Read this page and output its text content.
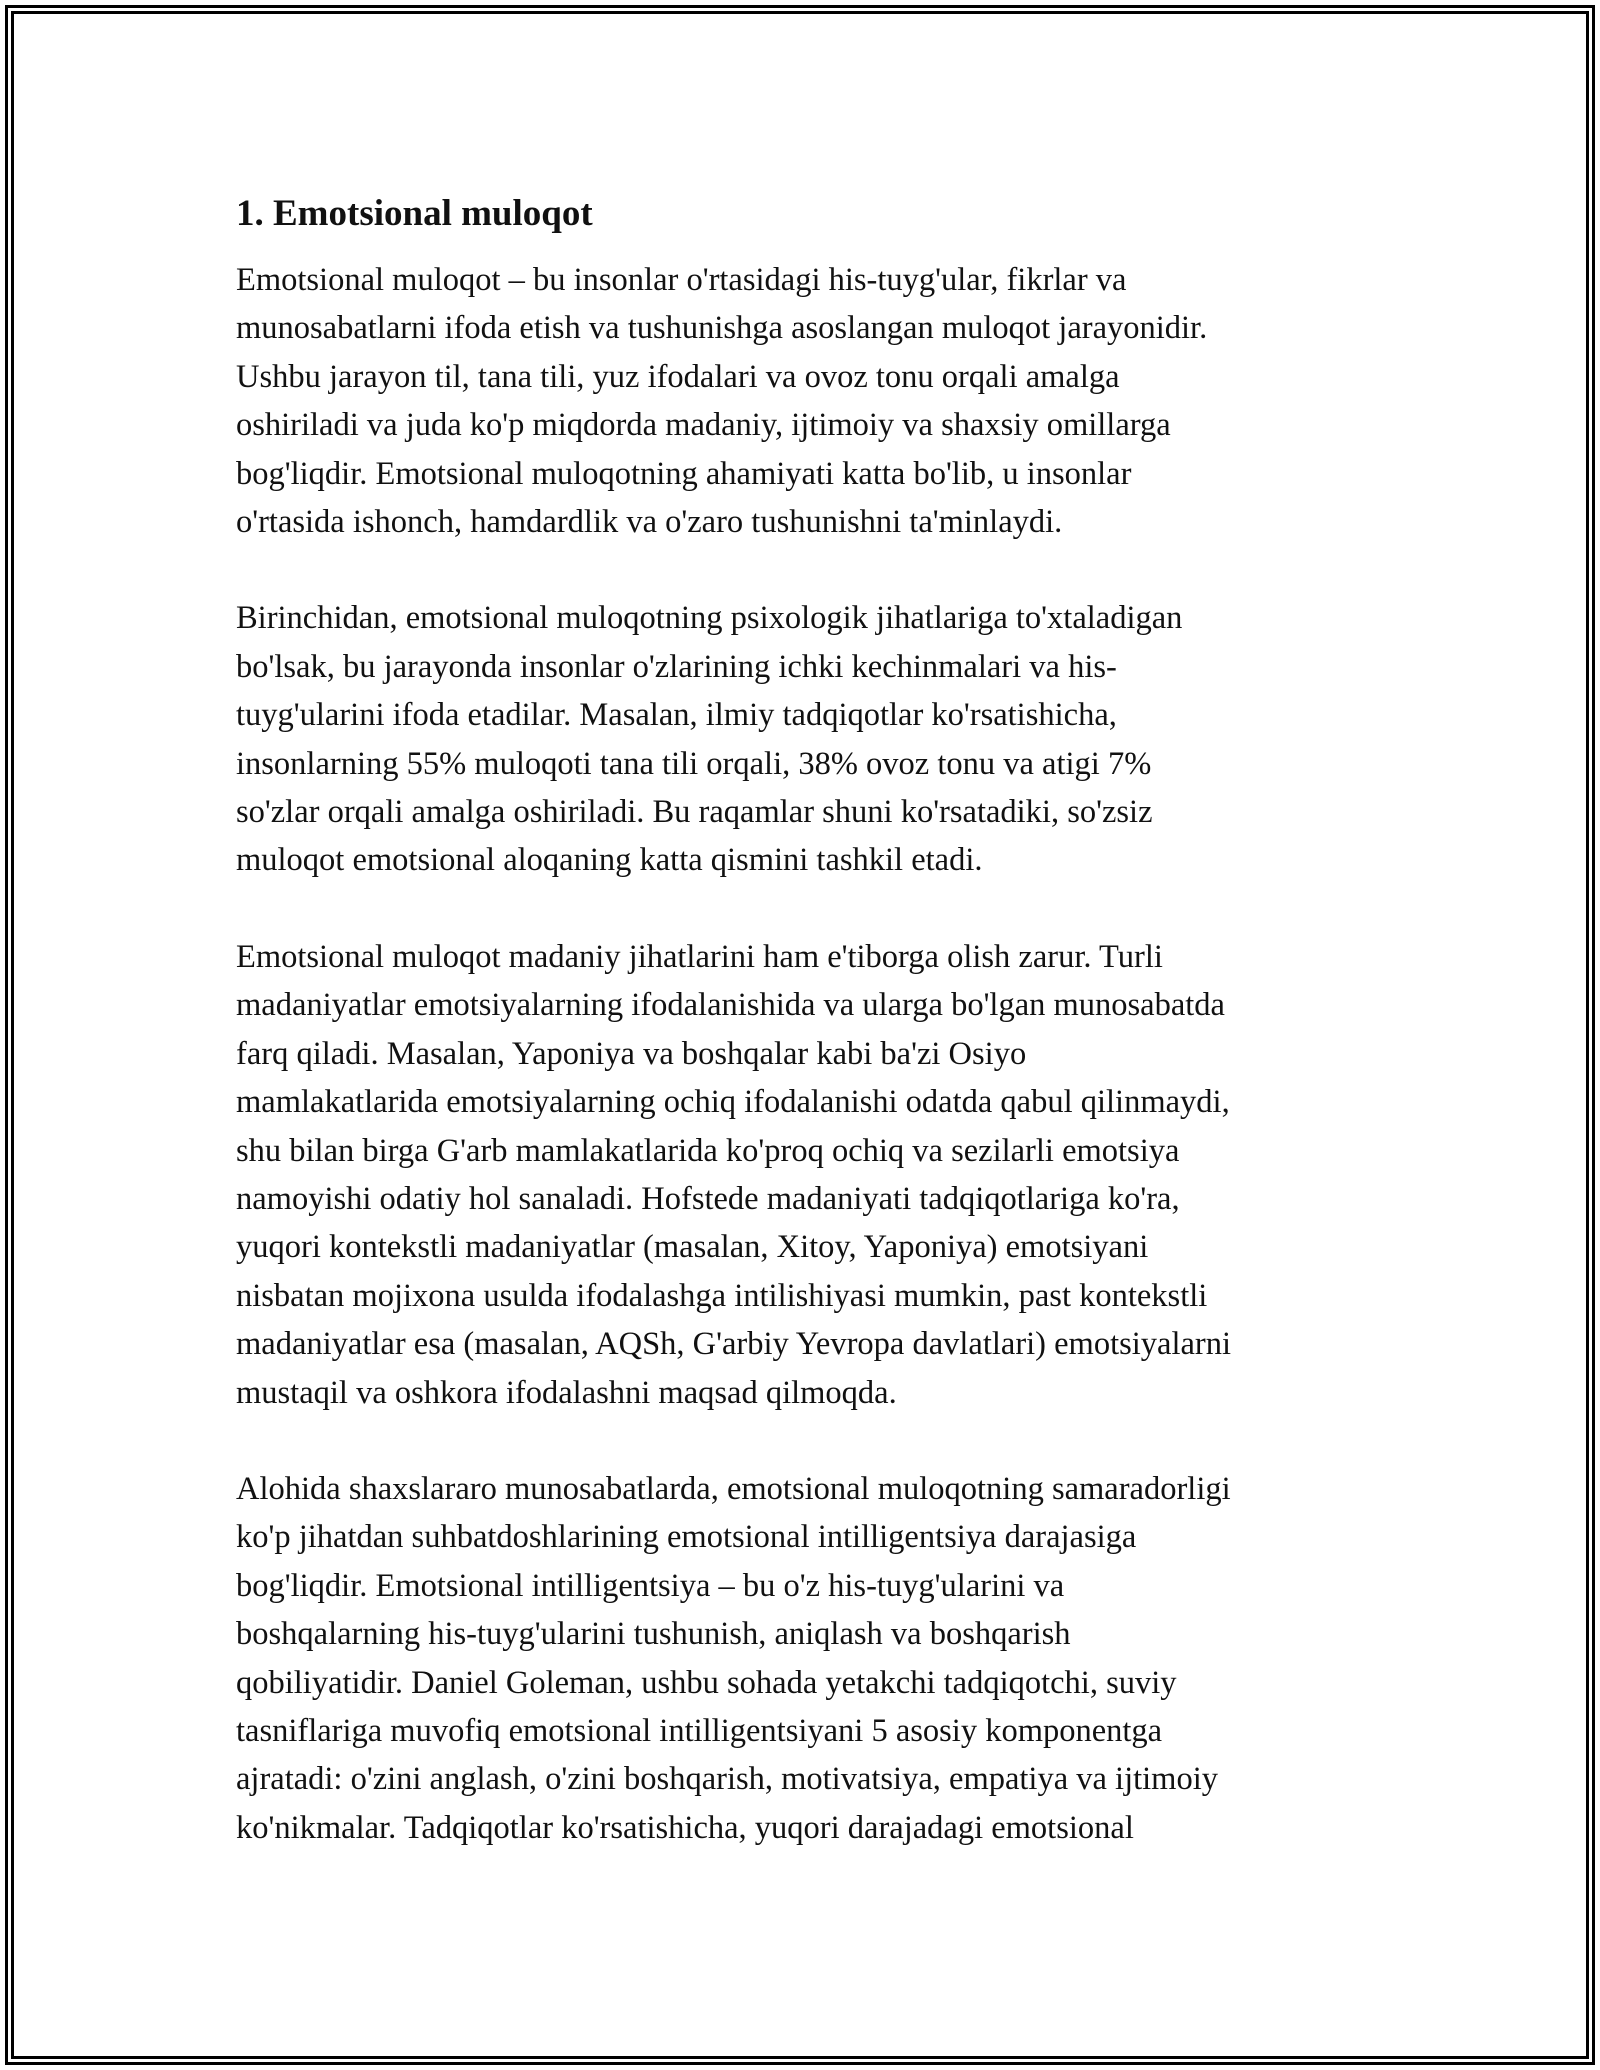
1. Emotsional muloqot

Emotsional muloqot – bu insonlar o'rtasidagi his-tuyg'ular, fikrlar va
munosabatlarni ifoda etish va tushunishga asoslangan muloqot jarayonidir.
Ushbu jarayon til, tana tili, yuz ifodalari va ovoz tonu orqali amalga
oshiriladi va juda ko'p miqdorda madaniy, ijtimoiy va shaxsiy omillarga
bog'liqdir. Emotsional muloqotning ahamiyati katta bo'lib, u insonlar
o'rtasida ishonch, hamdardlik va o'zaro tushunishni ta'minlaydi.

Birinchidan, emotsional muloqotning psixologik jihatlariga to'xtaladigan
bo'lsak, bu jarayonda insonlar o'zlarining ichki kechinmalari va his-
tuyg'ularini ifoda etadilar. Masalan, ilmiy tadqiqotlar ko'rsatishicha,
insonlarning 55% muloqoti tana tili orqali, 38% ovoz tonu va atigi 7%
so'zlar orqali amalga oshiriladi. Bu raqamlar shuni ko'rsatadiki, so'zsiz
muloqot emotsional aloqaning katta qismini tashkil etadi.

Emotsional muloqot madaniy jihatlarini ham e'tiborga olish zarur. Turli
madaniyatlar emotsiyalarning ifodalanishida va ularga bo'lgan munosabatda
farq qiladi. Masalan, Yaponiya va boshqalar kabi ba'zi Osiyo
mamlakatlarida emotsiyalarning ochiq ifodalanishi odatda qabul qilinmaydi,
shu bilan birga G'arb mamlakatlarida ko'proq ochiq va sezilarli emotsiya
namoyishi odatiy hol sanaladi. Hofstede madaniyati tadqiqotlariga ko'ra,
yuqori kontekstli madaniyatlar (masalan, Xitoy, Yaponiya) emotsiyani
nisbatan mojixona usulda ifodalashga intilishiyasi mumkin, past kontekstli
madaniyatlar esa (masalan, AQSh, G'arbiy Yevropa davlatlari) emotsiyalarni
mustaqil va oshkora ifodalashni maqsad qilmoqda.

Alohida shaxslararo munosabatlarda, emotsional muloqotning samaradorligi
ko'p jihatdan suhbatdoshlarining emotsional intilligentsiya darajasiga
bog'liqdir. Emotsional intilligentsiya – bu o'z his-tuyg'ularini va
boshqalarning his-tuyg'ularini tushunish, aniqlash va boshqarish
qobiliyatidir. Daniel Goleman, ushbu sohada yetakchi tadqiqotchi, suviy
tasniflariga muvofiq emotsional intilligentsiyani 5 asosiy komponentga
ajratadi: o'zini anglash, o'zini boshqarish, motivatsiya, empatiya va ijtimoiy
ko'nikmalar. Tadqiqotlar ko'rsatishicha, yuqori darajadagi emotsional
